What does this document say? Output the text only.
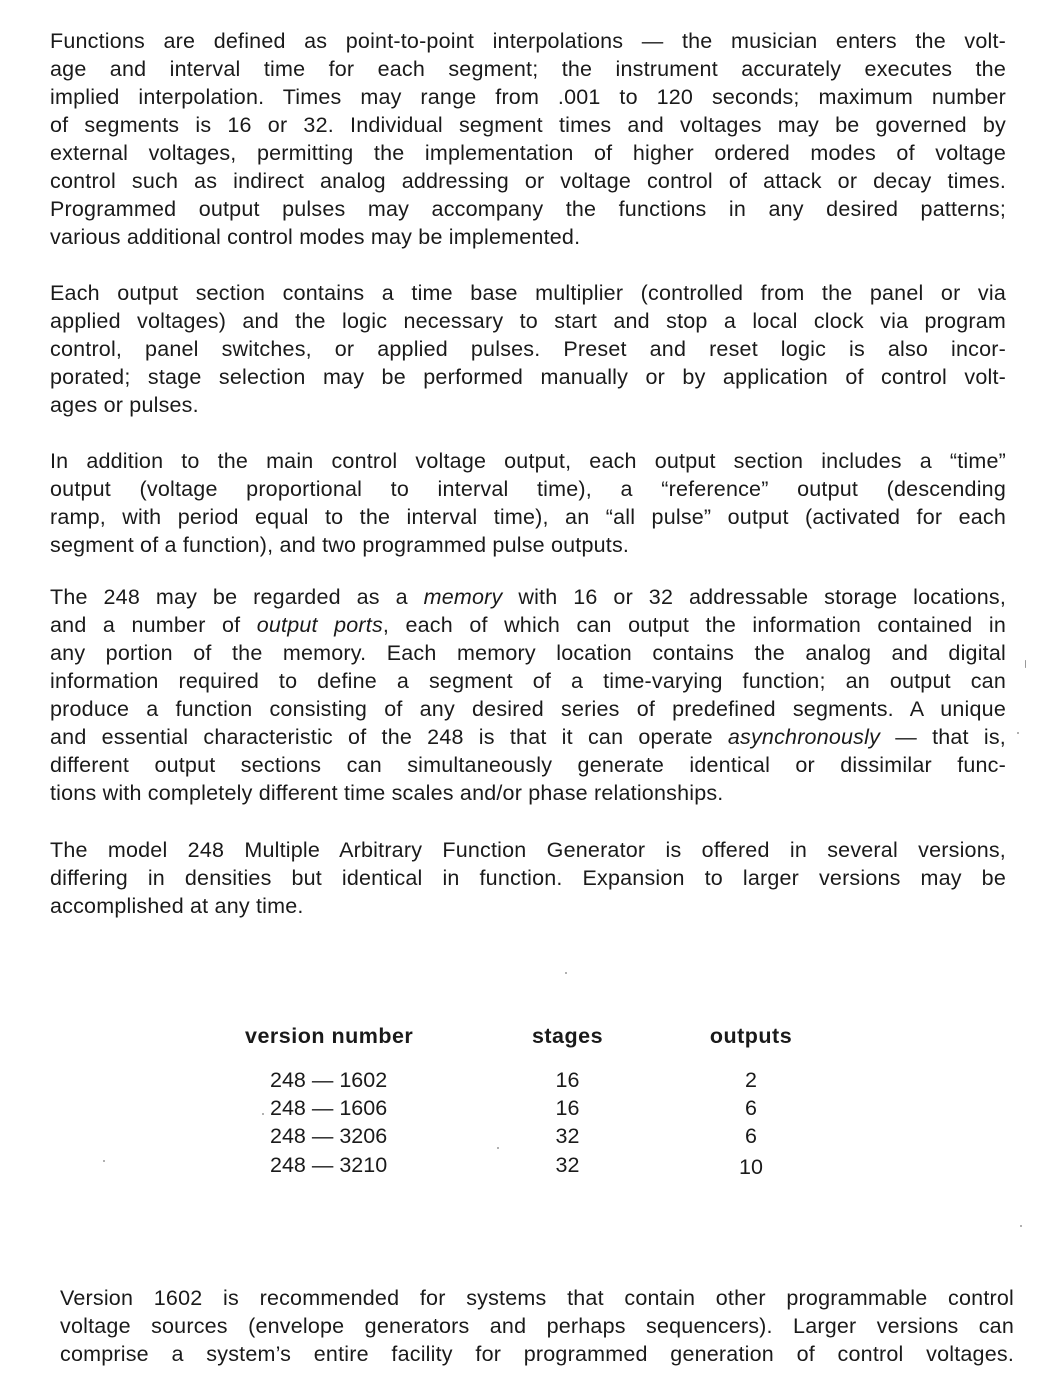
Functions are defined as point-to-point interpolations — the musician enters the volt-
age and interval time for each segment; the instrument accurately executes the
implied interpolation. Times may range from .001 to 120 seconds; maximum number
of segments is 16 or 32. Individual segment times and voltages may be governed by
external voltages, permitting the implementation of higher ordered modes of voltage
control such as indirect analog addressing or voltage control of attack or decay times.
Programmed output pulses may accompany the functions in any desired patterns;
various additional control modes may be implemented.
Each output section contains a time base multiplier (controlled from the panel or via
applied voltages) and the logic necessary to start and stop a local clock via program
control, panel switches, or applied pulses. Preset and reset logic is also incor-
porated; stage selection may be performed manually or by application of control volt-
ages or pulses.
In addition to the main control voltage output, each output section includes a “time”
output (voltage proportional to interval time), a “reference” output (descending
ramp, with period equal to the interval time), an “all pulse” output (activated for each
segment of a function), and two programmed pulse outputs.
The 248 may be regarded as a memory with 16 or 32 addressable storage locations,
and a number of output ports, each of which can output the information contained in
any portion of the memory. Each memory location contains the analog and digital
information required to define a segment of a time-varying function; an output can
produce a function consisting of any desired series of predefined segments. A unique
and essential characteristic of the 248 is that it can operate asynchronously — that is,
different output sections can simultaneously generate identical or dissimilar func-
tions with completely different time scales and/or phase relationships.
The model 248 Multiple Arbitrary Function Generator is offered in several versions,
differing in densities but identical in function. Expansion to larger versions may be
accomplished at any time.
version number	stages	outputs
248 — 1602	16	2
248 — 1606	16	6
248 — 3206	32	6
248 — 3210	32	10
Version 1602 is recommended for systems that contain other programmable control
voltage sources (envelope generators and perhaps sequencers). Larger versions can
comprise a system’s entire facility for programmed generation of control voltages.
